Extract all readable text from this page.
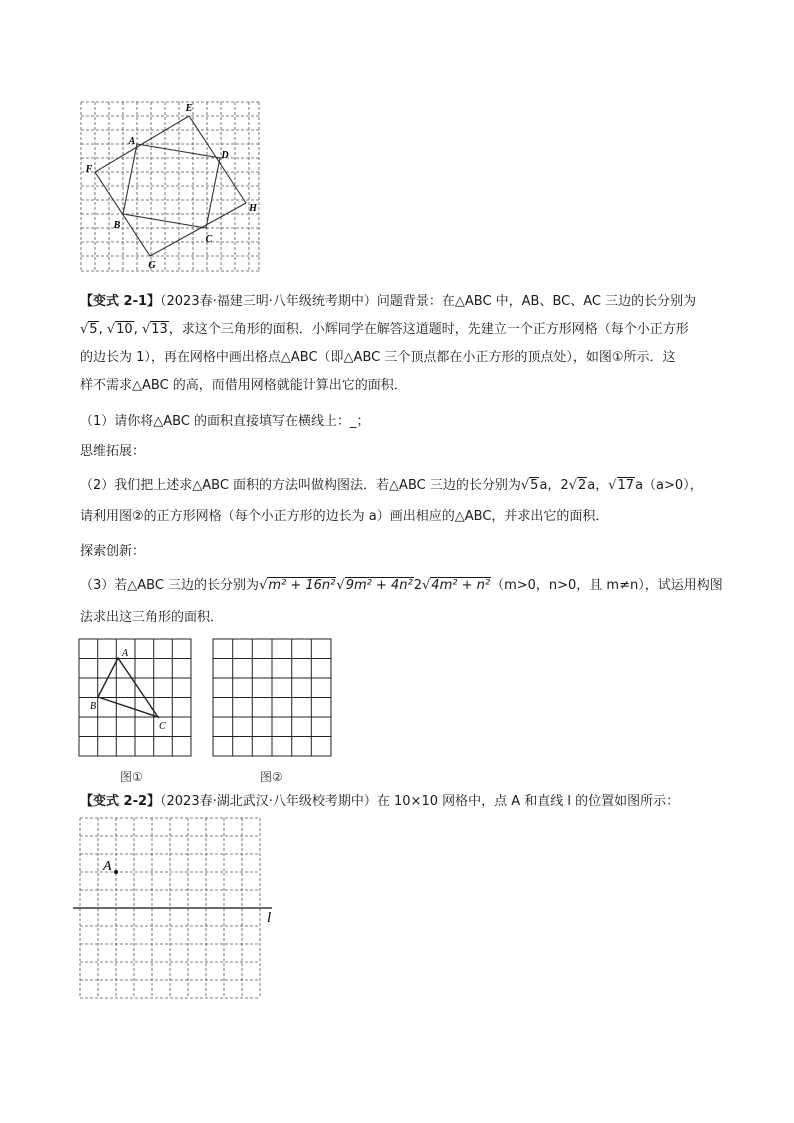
E
A
D
F
H
B
C
G
【变式 2-1】（2023春·福建三明·八年级统考期中）问题背景：在△ABC 中，AB、BC、AC 三边的长分别为
√5, √10, √13，求这个三角形的面积．小辉同学在解答这道题时，先建立一个正方形网格（每个小正方形
的边长为 1），再在网格中画出格点△ABC（即△ABC 三个顶点都在小正方形的顶点处），如图①所示．这
样不需求△ABC 的高，而借用网格就能计算出它的面积．
（1）请你将△ABC 的面积直接填写在横线上：_；
思维拓展：
（2）我们把上述求△ABC 面积的方法叫做构图法．若△ABC 三边的长分别为√5a，2√2a，√17a（a>0），
请利用图②的正方形网格（每个小正方形的边长为 a）画出相应的△ABC，并求出它的面积．
探索创新：
（3）若△ABC 三边的长分别为√m² + 16n²√9m² + 4n²2√4m² + n²（m>0，n>0，且 m≠n），试运用构图
法求出这三角形的面积．
A
B
C
图①	图②
【变式 2-2】（2023春·湖北武汉·八年级校考期中）在 10×10 网格中，点 A 和直线 l 的位置如图所示：
A
l
